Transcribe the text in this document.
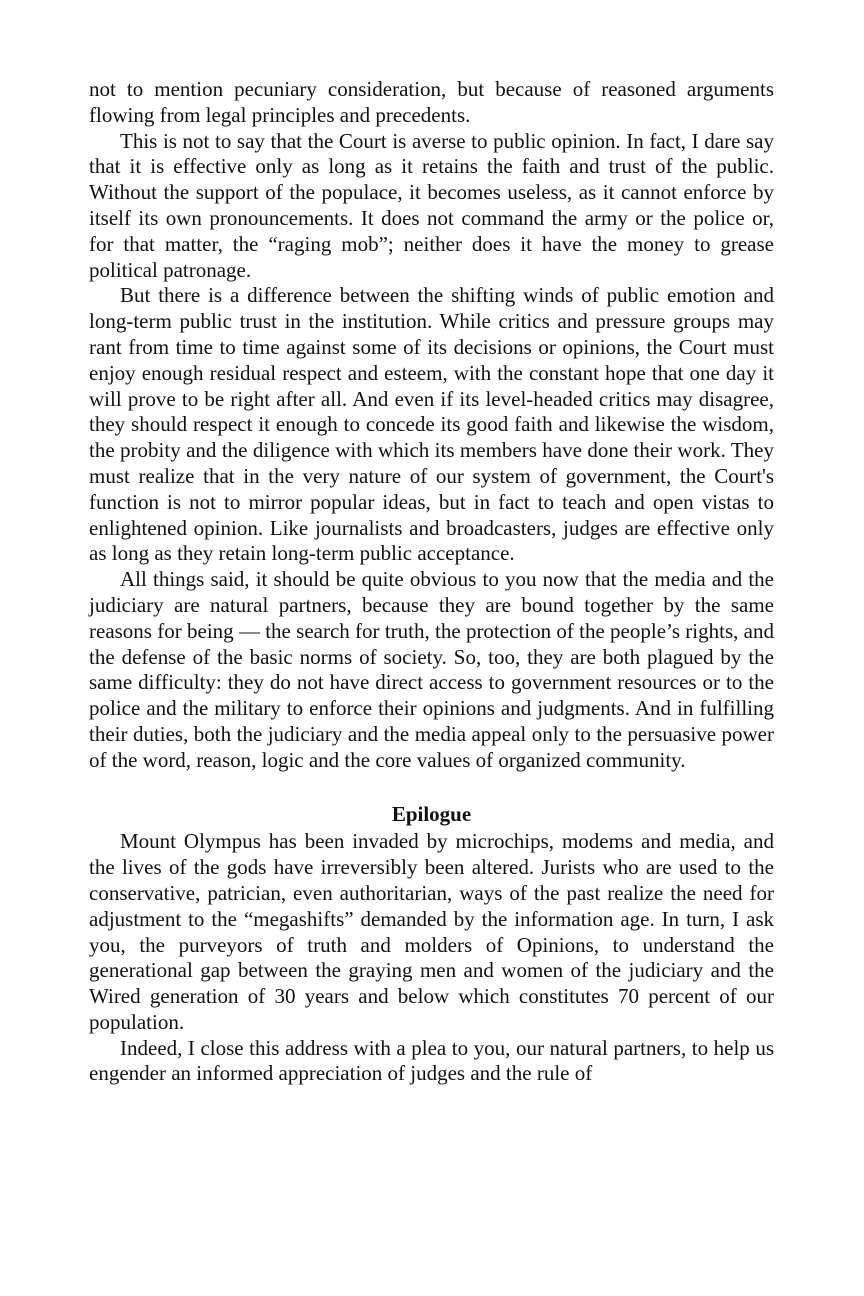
not to mention pecuniary consideration, but because of reasoned arguments flowing from legal principles and precedents.

This is not to say that the Court is averse to public opinion. In fact, I dare say that it is effective only as long as it retains the faith and trust of the public. Without the support of the populace, it becomes useless, as it cannot enforce by itself its own pronouncements. It does not command the army or the police or, for that matter, the “raging mob”; neither does it have the money to grease political patronage.

But there is a difference between the shifting winds of public emotion and long-term public trust in the institution. While critics and pressure groups may rant from time to time against some of its decisions or opinions, the Court must enjoy enough residual respect and esteem, with the constant hope that one day it will prove to be right after all. And even if its level-headed critics may disagree, they should respect it enough to concede its good faith and likewise the wisdom, the probity and the diligence with which its members have done their work. They must realize that in the very nature of our system of government, the Court's function is not to mirror popular ideas, but in fact to teach and open vistas to enlightened opinion. Like journalists and broadcasters, judges are effective only as long as they retain long-term public acceptance.

All things said, it should be quite obvious to you now that the media and the judiciary are natural partners, because they are bound together by the same reasons for being — the search for truth, the protection of the people’s rights, and the defense of the basic norms of society. So, too, they are both plagued by the same difficulty: they do not have direct access to government resources or to the police and the military to enforce their opinions and judgments. And in fulfilling their duties, both the judiciary and the media appeal only to the persuasive power of the word, reason, logic and the core values of organized community.

Epilogue

Mount Olympus has been invaded by microchips, modems and media, and the lives of the gods have irreversibly been altered. Jurists who are used to the conservative, patrician, even authoritarian, ways of the past realize the need for adjustment to the “megashifts” demanded by the information age. In turn, I ask you, the purveyors of truth and molders of Opinions, to understand the generational gap between the graying men and women of the judiciary and the Wired generation of 30 years and below which constitutes 70 percent of our population.

Indeed, I close this address with a plea to you, our natural partners, to help us engender an informed appreciation of judges and the rule of
